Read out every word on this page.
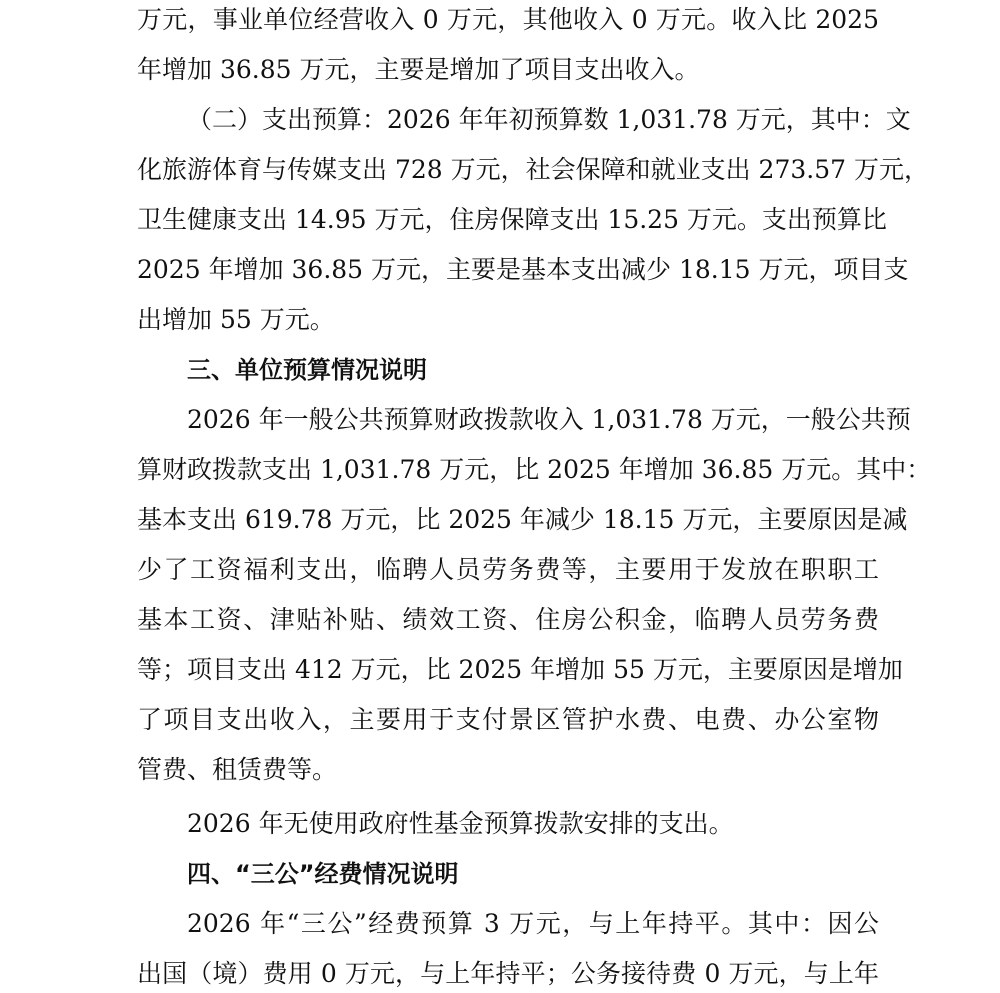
万元，事业单位经营收入 0 万元，其他收入 0 万元。收入比 2025
年增加 36.85 万元，主要是增加了项目支出收入。
（二）支出预算：2026 年年初预算数 1,031.78 万元，其中：文
化旅游体育与传媒支出 728 万元，社会保障和就业支出 273.57 万元，
卫生健康支出 14.95 万元，住房保障支出 15.25 万元。支出预算比
2025 年增加 36.85 万元，主要是基本支出减少 18.15 万元，项目支
出增加 55 万元。
三、单位预算情况说明
2026 年一般公共预算财政拨款收入 1,031.78 万元，一般公共预
算财政拨款支出 1,031.78 万元，比 2025 年增加 36.85 万元。其中：
基本支出 619.78 万元，比 2025 年减少 18.15 万元，主要原因是减
少了工资福利支出，临聘人员劳务费等，主要用于发放在职职工
基本工资、津贴补贴、绩效工资、住房公积金，临聘人员劳务费
等；项目支出 412 万元，比 2025 年增加 55 万元，主要原因是增加
了项目支出收入，主要用于支付景区管护水费、电费、办公室物
管费、租赁费等。
2026 年无使用政府性基金预算拨款安排的支出。
四、“三公”经费情况说明
2026 年“三公”经费预算 3 万元，与上年持平。其中：因公
出国（境）费用 0 万元，与上年持平；公务接待费 0 万元，与上年
